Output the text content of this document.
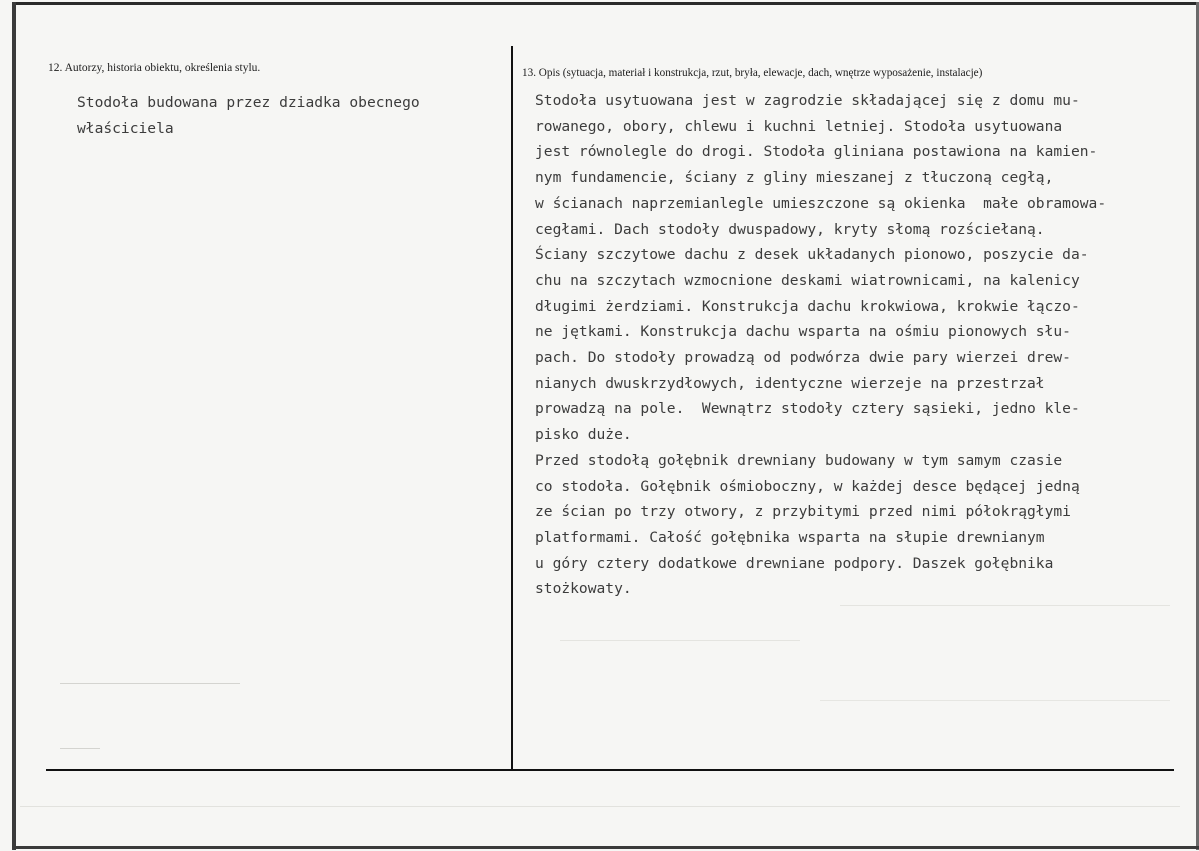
12. Autorzy, historia obiektu, określenia stylu.
Stodoła budowana przez dziadka obecnego
właściciela
13. Opis (sytuacja, materiał i konstrukcja, rzut, bryła, elewacje, dach, wnętrze wyposażenie, instalacje)
Stodoła usytuowana jest w zagrodzie składającej się z domu mu-
rowanego, obory, chlewu i kuchni letniej. Stodoła usytuowana
jest równolegle do drogi. Stodoła gliniana postawiona na kamien-
nym fundamencie, ściany z gliny mieszanej z tłuczoną cegłą,
w ścianach naprzemianlegle umieszczone są okienka  małe obramowa-
cegłami. Dach stodoły dwuspadowy, kryty słomą rozściełaną.
Ściany szczytowe dachu z desek układanych pionowo, poszycie da-
chu na szczytach wzmocnione deskami wiatrownicami, na kalenicy
długimi żerdziami. Konstrukcja dachu krokwiowa, krokwie łączo-
ne jętkami. Konstrukcja dachu wsparta na ośmiu pionowych słu-
pach. Do stodoły prowadzą od podwórza dwie pary wierzei drew-
nianych dwuskrzydłowych, identyczne wierzeje na przestrzał
prowadzą na pole.  Wewnątrz stodoły cztery sąsieki, jedno kle-
pisko duże.
Przed stodołą gołębnik drewniany budowany w tym samym czasie
co stodoła. Gołębnik ośmioboczny, w każdej desce będącej jedną
ze ścian po trzy otwory, z przybitymi przed nimi półokrągłymi
platformami. Całość gołębnika wsparta na słupie drewnianym
u góry cztery dodatkowe drewniane podpory. Daszek gołębnika
stożkowaty.
